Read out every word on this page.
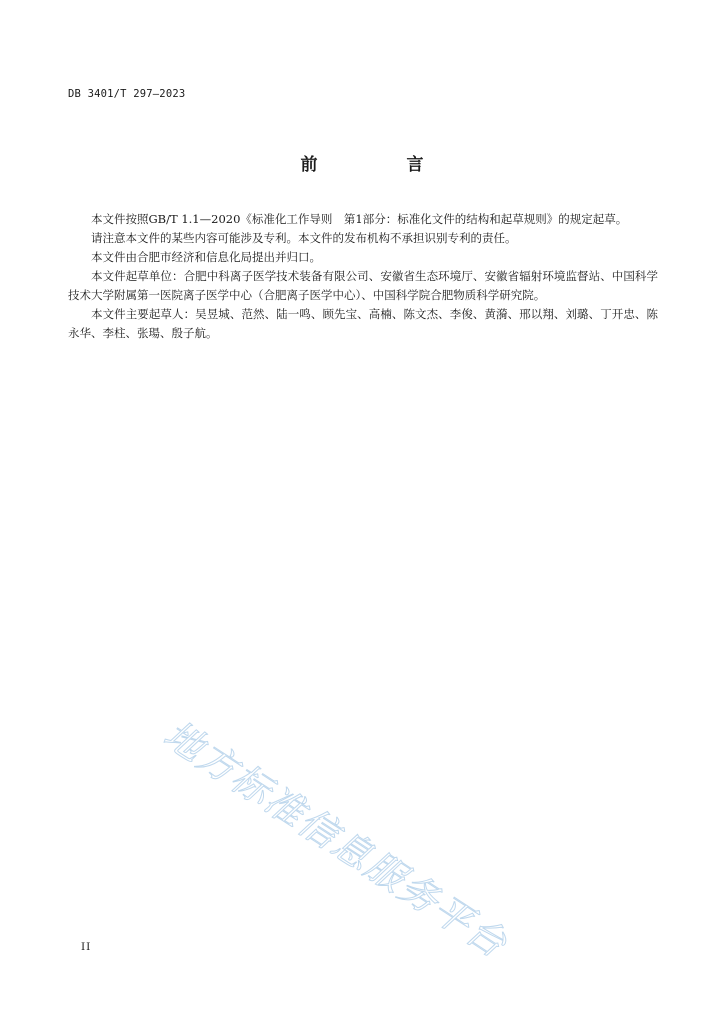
DB 3401/T 297—2023
前　言

本文件按照GB/T 1.1—2020《标准化工作导则　第1部分：标准化文件的结构和起草规则》的规定起草。

请注意本文件的某些内容可能涉及专利。本文件的发布机构不承担识别专利的责任。

本文件由合肥市经济和信息化局提出并归口。

本文件起草单位：合肥中科离子医学技术装备有限公司、安徽省生态环境厅、安徽省辐射环境监督站、中国科学技术大学附属第一医院离子医学中心（合肥离子医学中心）、中国科学院合肥物质科学研究院。

本文件主要起草人：吴昱城、范然、陆一鸣、顾先宝、高楠、陈文杰、李俊、黄漪、邢以翔、刘璐、丁开忠、陈永华、李柱、张瑒、殷子航。

地方标准信息服务平台
II
